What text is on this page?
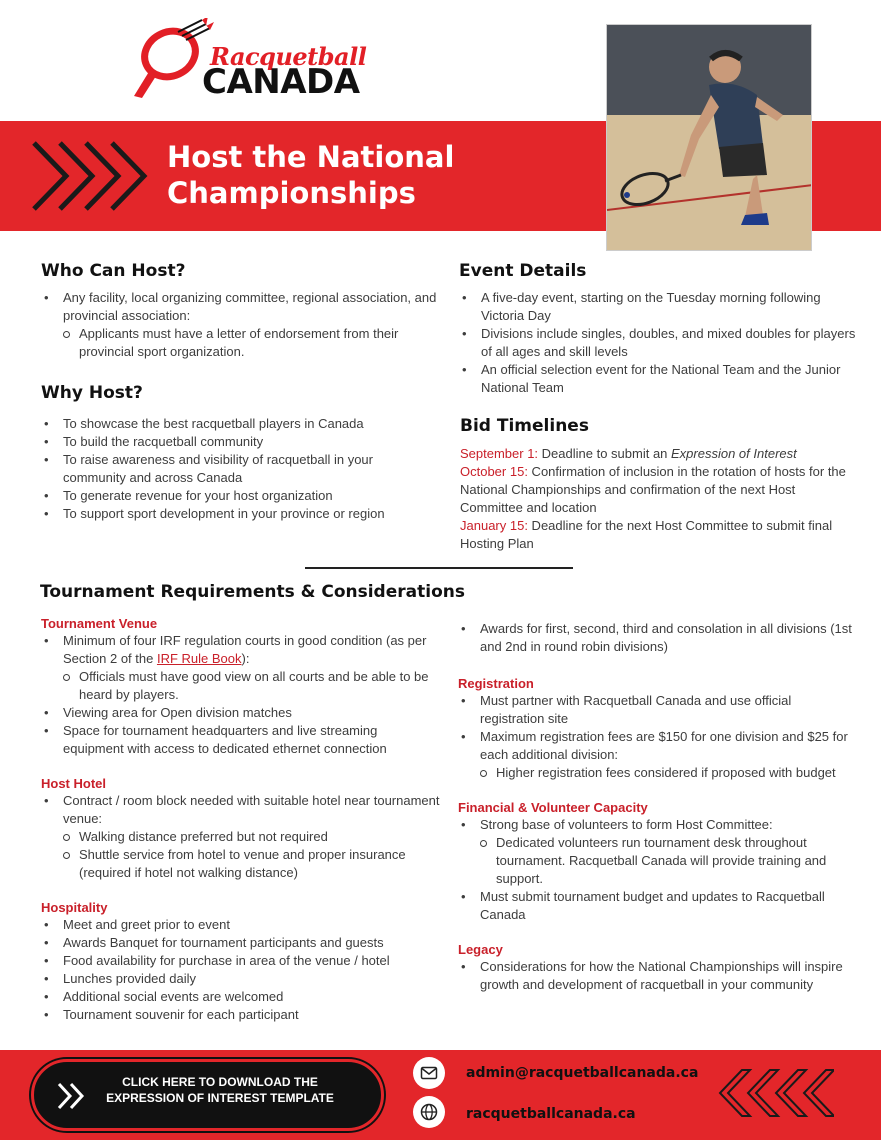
Racquetball
CANADA
Host the National
Championships
Who Can Host?
• Any facility, local organizing committee, regional association, and provincial association:
Applicants must have a letter of endorsement from their provincial sport organization.
Why Host?
• To showcase the best racquetball players in Canada
• To build the racquetball community
• To raise awareness and visibility of racquetball in your community and across Canada
• To generate revenue for your host organization
• To support sport development in your province or region
Event Details
• A five-day event, starting on the Tuesday morning following Victoria Day
• Divisions include singles, doubles, and mixed doubles for players of all ages and skill levels
• An official selection event for the National Team and the Junior National Team
Bid Timelines

September 1: Deadline to submit an Expression of Interest

October 15: Confirmation of inclusion in the rotation of hosts for the National Championships and confirmation of the next Host Committee and location

January 15: Deadline for the next Host Committee to submit final Hosting Plan

Tournament Requirements & Considerations
Tournament Venue
• Minimum of four IRF regulation courts in good condition (as per Section 2 of the IRF Rule Book):
Officials must have good view on all courts and be able to be heard by players.
• Viewing area for Open division matches
• Space for tournament headquarters and live streaming equipment with access to dedicated ethernet connection
Host Hotel
• Contract / room block needed with suitable hotel near tournament venue:
Walking distance preferred but not required
Shuttle service from hotel to venue and proper insurance (required if hotel not walking distance)
Hospitality
• Meet and greet prior to event
• Awards Banquet for tournament participants and guests
• Food availability for purchase in area of the venue / hotel
• Lunches provided daily
• Additional social events are welcomed
• Tournament souvenir for each participant
• Awards for first, second, third and consolation in all divisions (1st and 2nd in round robin divisions)
Registration
• Must partner with Racquetball Canada and use official registration site
• Maximum registration fees are $150 for one division and $25 for each additional division:
Higher registration fees considered if proposed with budget
Financial & Volunteer Capacity
• Strong base of volunteers to form Host Committee:
Dedicated volunteers run tournament desk throughout tournament. Racquetball Canada will provide training and support.
• Must submit tournament budget and updates to Racquetball Canada
Legacy
• Considerations for how the National Championships will inspire growth and development of racquetball in your community
CLICK HERE TO DOWNLOAD THE EXPRESSION OF INTEREST TEMPLATE
admin@racquetballcanada.ca
racquetballcanada.ca
